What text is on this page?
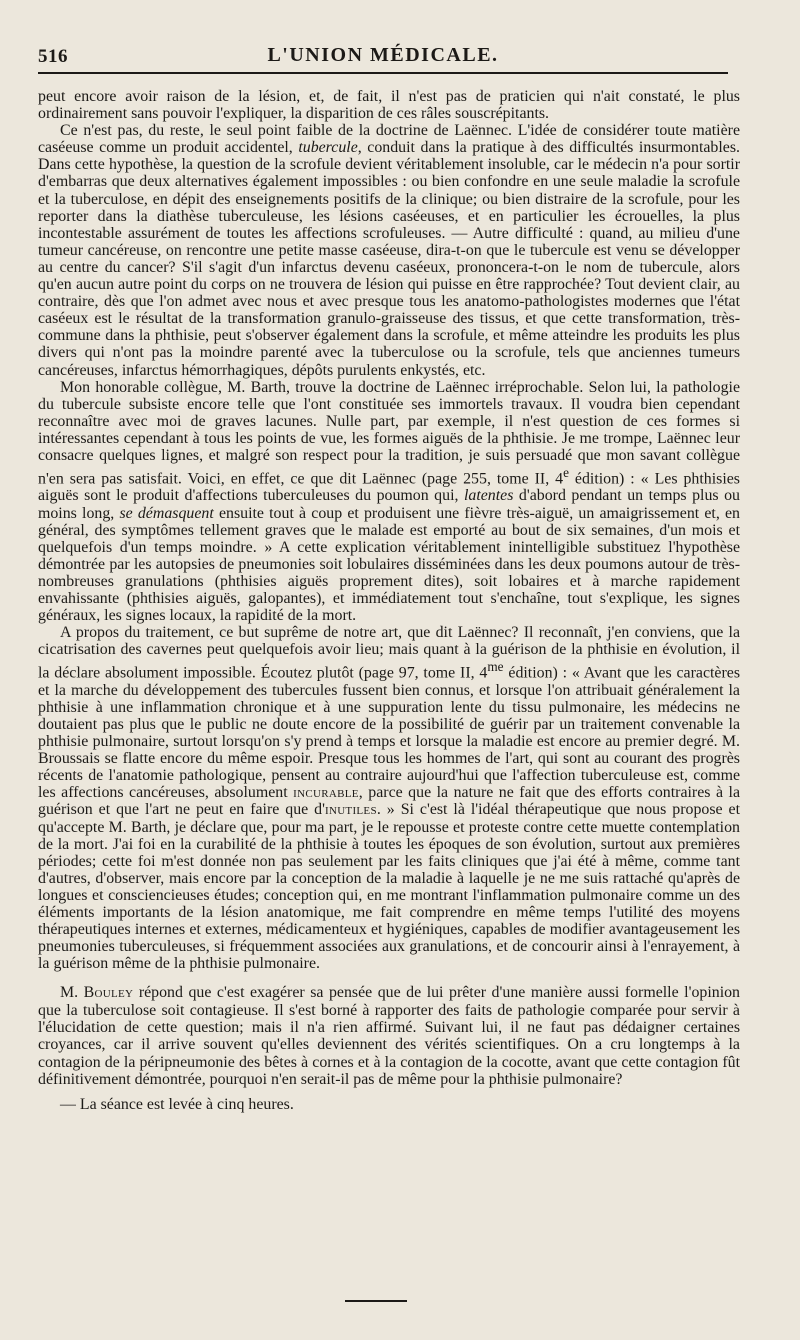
516	L'UNION MÉDICALE.

peut encore avoir raison de la lésion, et, de fait, il n'est pas de praticien qui n'ait constaté, le plus ordinairement sans pouvoir l'expliquer, la disparition de ces râles souscrépitants.

Ce n'est pas, du reste, le seul point faible de la doctrine de Laënnec. L'idée de considérer toute matière caséeuse comme un produit accidentel, tubercule, conduit dans la pratique à des difficultés insurmontables. Dans cette hypothèse, la question de la scrofule devient véritablement insoluble, car le médecin n'a pour sortir d'embarras que deux alternatives également impossibles : ou bien confondre en une seule maladie la scrofule et la tuberculose, en dépit des enseignements positifs de la clinique; ou bien distraire de la scrofule, pour les reporter dans la diathèse tuberculeuse, les lésions caséeuses, et en particulier les écrouelles, la plus incontestable assurément de toutes les affections scrofuleuses. — Autre difficulté : quand, au milieu d'une tumeur cancéreuse, on rencontre une petite masse caséeuse, dira-t-on que le tubercule est venu se développer au centre du cancer? S'il s'agit d'un infarctus devenu caséeux, prononcera-t-on le nom de tubercule, alors qu'en aucun autre point du corps on ne trouvera de lésion qui puisse en être rapprochée? Tout devient clair, au contraire, dès que l'on admet avec nous et avec presque tous les anatomo-pathologistes modernes que l'état caséeux est le résultat de la transformation granulo-graisseuse des tissus, et que cette transformation, très-commune dans la phthisie, peut s'observer également dans la scrofule, et même atteindre les produits les plus divers qui n'ont pas la moindre parenté avec la tuberculose ou la scrofule, tels que anciennes tumeurs cancéreuses, infarctus hémorrhagiques, dépôts purulents enkystés, etc.

Mon honorable collègue, M. Barth, trouve la doctrine de Laënnec irréprochable. Selon lui, la pathologie du tubercule subsiste encore telle que l'ont constituée ses immortels travaux. Il voudra bien cependant reconnaître avec moi de graves lacunes. Nulle part, par exemple, il n'est question de ces formes si intéressantes cependant à tous les points de vue, les formes aiguës de la phthisie. Je me trompe, Laënnec leur consacre quelques lignes, et malgré son respect pour la tradition, je suis persuadé que mon savant collègue n'en sera pas satisfait. Voici, en effet, ce que dit Laënnec (page 255, tome II, 4e édition) : « Les phthisies aiguës sont le produit d'affections tuberculeuses du poumon qui, latentes d'abord pendant un temps plus ou moins long, se démasquent ensuite tout à coup et produisent une fièvre très-aiguë, un amaigrissement et, en général, des symptômes tellement graves que le malade est emporté au bout de six semaines, d'un mois et quelquefois d'un temps moindre. » A cette explication véritablement inintelligible substituez l'hypothèse démontrée par les autopsies de pneumonies soit lobulaires disséminées dans les deux poumons autour de très-nombreuses granulations (phthisies aiguës proprement dites), soit lobaires et à marche rapidement envahissante (phthisies aiguës, galopantes), et immédiatement tout s'enchaîne, tout s'explique, les signes généraux, les signes locaux, la rapidité de la mort.

A propos du traitement, ce but suprême de notre art, que dit Laënnec? Il reconnaît, j'en conviens, que la cicatrisation des cavernes peut quelquefois avoir lieu; mais quant à la guérison de la phthisie en évolution, il la déclare absolument impossible. Écoutez plutôt (page 97, tome II, $4^{me}$ édition) : « Avant que les caractères et la marche du développement des tubercules fussent bien connus, et lorsque l'on attribuait généralement la phthisie à une inflammation chronique et à une suppuration lente du tissu pulmonaire, les médecins ne doutaient pas plus que le public ne doute encore de la possibilité de guérir par un traitement convenable la phthisie pulmonaire, surtout lorsqu'on s'y prend à temps et lorsque la maladie est encore au premier degré. M. Broussais se flatte encore du même espoir. Presque tous les hommes de l'art, qui sont au courant des progrès récents de l'anatomie pathologique, pensent au contraire aujourd'hui que l'affection tuberculeuse est, comme les affections cancéreuses, absolument incurable, parce que la nature ne fait que des efforts contraires à la guérison et que l'art ne peut en faire que d'inutiles. » Si c'est là l'idéal thérapeutique que nous propose et qu'accepte M. Barth, je déclare que, pour ma part, je le repousse et proteste contre cette muette contemplation de la mort. J'ai foi en la curabilité de la phthisie à toutes les époques de son évolution, surtout aux premières périodes; cette foi m'est donnée non pas seulement par les faits cliniques que j'ai été à même, comme tant d'autres, d'observer, mais encore par la conception de la maladie à laquelle je ne me suis rattaché qu'après de longues et consciencieuses études; conception qui, en me montrant l'inflammation pulmonaire comme un des éléments importants de la lésion anatomique, me fait comprendre en même temps l'utilité des moyens thérapeutiques internes et externes, médicamenteux et hygiéniques, capables de modifier avantageusement les pneumonies tuberculeuses, si fréquemment associées aux granulations, et de concourir ainsi à l'enrayement, à la guérison même de la phthisie pulmonaire.

M. Bouley répond que c'est exagérer sa pensée que de lui prêter d'une manière aussi formelle l'opinion que la tuberculose soit contagieuse. Il s'est borné à rapporter des faits de pathologie comparée pour servir à l'élucidation de cette question; mais il n'a rien affirmé. Suivant lui, il ne faut pas dédaigner certaines croyances, car il arrive souvent qu'elles deviennent des vérités scientifiques. On a cru longtemps à la contagion de la péripneumonie des bêtes à cornes et à la contagion de la cocotte, avant que cette contagion fût définitivement démontrée, pourquoi n'en serait-il pas de même pour la phthisie pulmonaire?

— La séance est levée à cinq heures.
